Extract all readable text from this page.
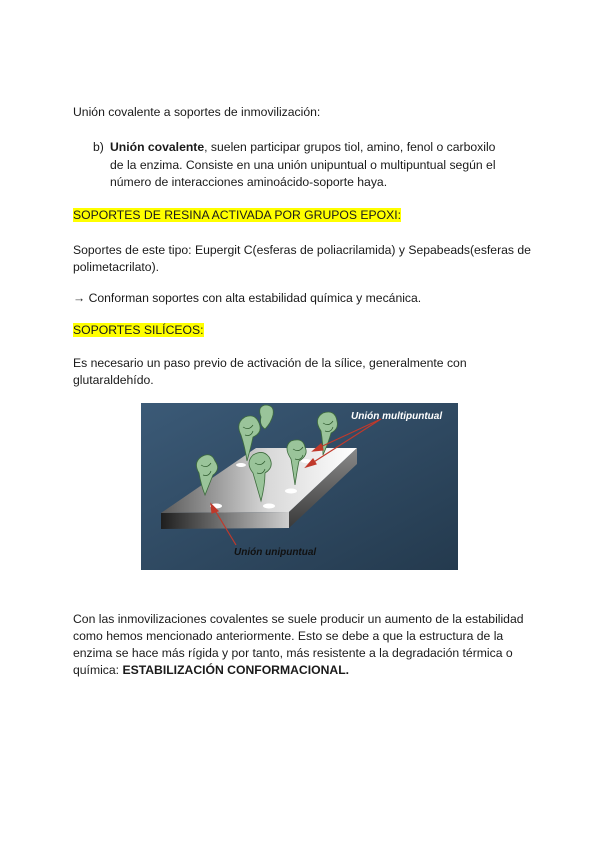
Unión covalente a soportes de inmovilización:
b) Unión covalente, suelen participar grupos tiol, amino, fenol o carboxilo
de la enzima. Consiste en una unión unipuntual o multipuntual según el
número de interacciones aminoácido-soporte haya.
SOPORTES DE RESINA ACTIVADA POR GRUPOS EPOXI:
Soportes de este tipo: Eupergit C(esferas de poliacrilamida) y Sepabeads(esferas de
polimetacrilato).
→ Conforman soportes con alta estabilidad química y mecánica.
SOPORTES SILÍCEOS:
Es necesario un paso previo de activación de la sílice, generalmente con
glutaraldehído.
Unión multipuntual
Unión unipuntual
Con las inmovilizaciones covalentes se suele producir un aumento de la estabilidad
como hemos mencionado anteriormente. Esto se debe a que la estructura de la
enzima se hace más rígida y por tanto, más resistente a la degradación térmica o
química: ESTABILIZACIÓN CONFORMACIONAL.
